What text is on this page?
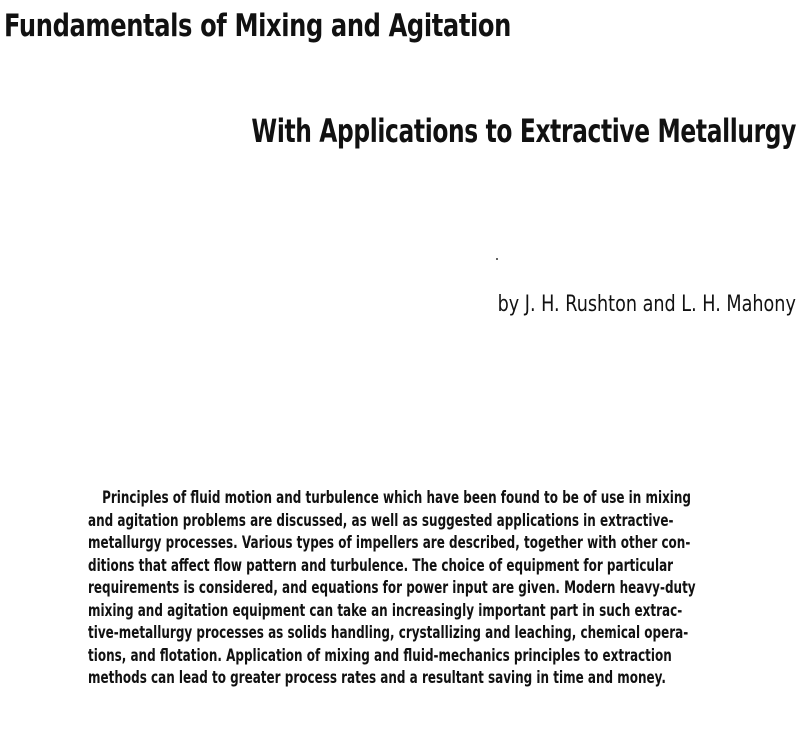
Fundamentals of Mixing and Agitation
With Applications to Extractive Metallurgy

by J. H. Rushton and L. H. Mahony

Principles of fluid motion and turbulence which have been found to be of use in mixing
and agitation problems are discussed, as well as suggested applications in extractive-
metallurgy processes. Various types of impellers are described, together with other con-
ditions that affect flow pattern and turbulence. The choice of equipment for particular
requirements is considered, and equations for power input are given. Modern heavy-duty
mixing and agitation equipment can take an increasingly important part in such extrac-
tive-metallurgy processes as solids handling, crystallizing and leaching, chemical opera-
tions, and flotation. Application of mixing and fluid-mechanics principles to extraction
methods can lead to greater process rates and a resultant saving in time and money.
